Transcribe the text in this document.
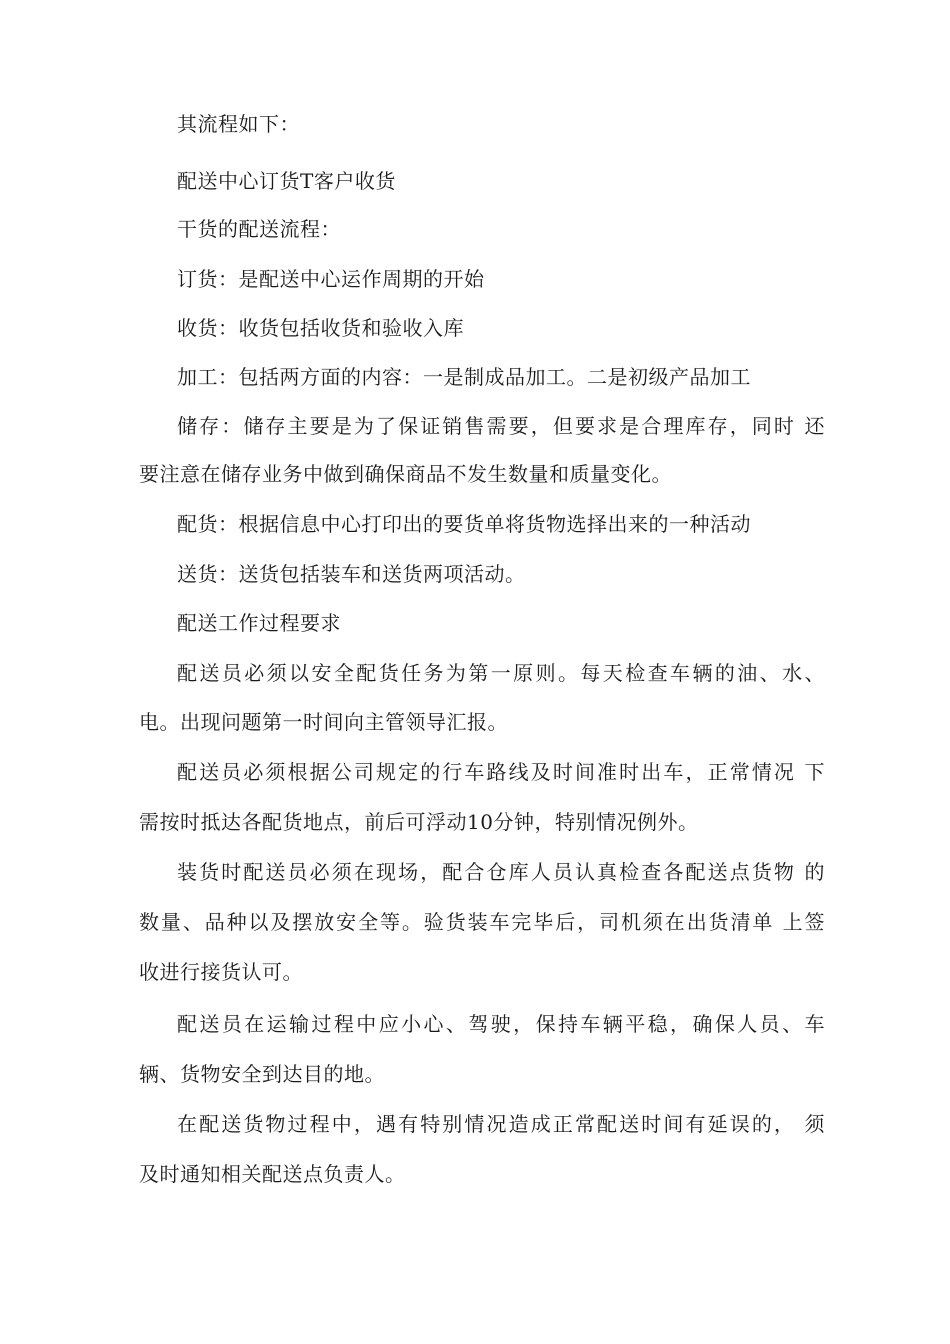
其流程如下：
配送中心订货T客户收货
干货的配送流程：
订货：是配送中心运作周期的开始
收货：收货包括收货和验收入库
加工：包括两方面的内容：一是制成品加工。二是初级产品加工
储存：储存主要是为了保证销售需要，但要求是合理库存，同时 还
要注意在储存业务中做到确保商品不发生数量和质量变化。
配货：根据信息中心打印出的要货单将货物选择出来的一种活动
送货：送货包括装车和送货两项活动。
配送工作过程要求
配送员必须以安全配货任务为第一原则。每天检查车辆的油、水、
电。出现问题第一时间向主管领导汇报。
配送员必须根据公司规定的行车路线及时间准时出车，正常情况 下
需按时抵达各配货地点，前后可浮动10分钟，特别情况例外。
装货时配送员必须在现场，配合仓库人员认真检查各配送点货物 的
数量、品种以及摆放安全等。验货装车完毕后，司机须在出货清单 上签
收进行接货认可。
配送员在运输过程中应小心、驾驶，保持车辆平稳，确保人员、车
辆、货物安全到达目的地。
在配送货物过程中，遇有特别情况造成正常配送时间有延误的， 须
及时通知相关配送点负责人。
